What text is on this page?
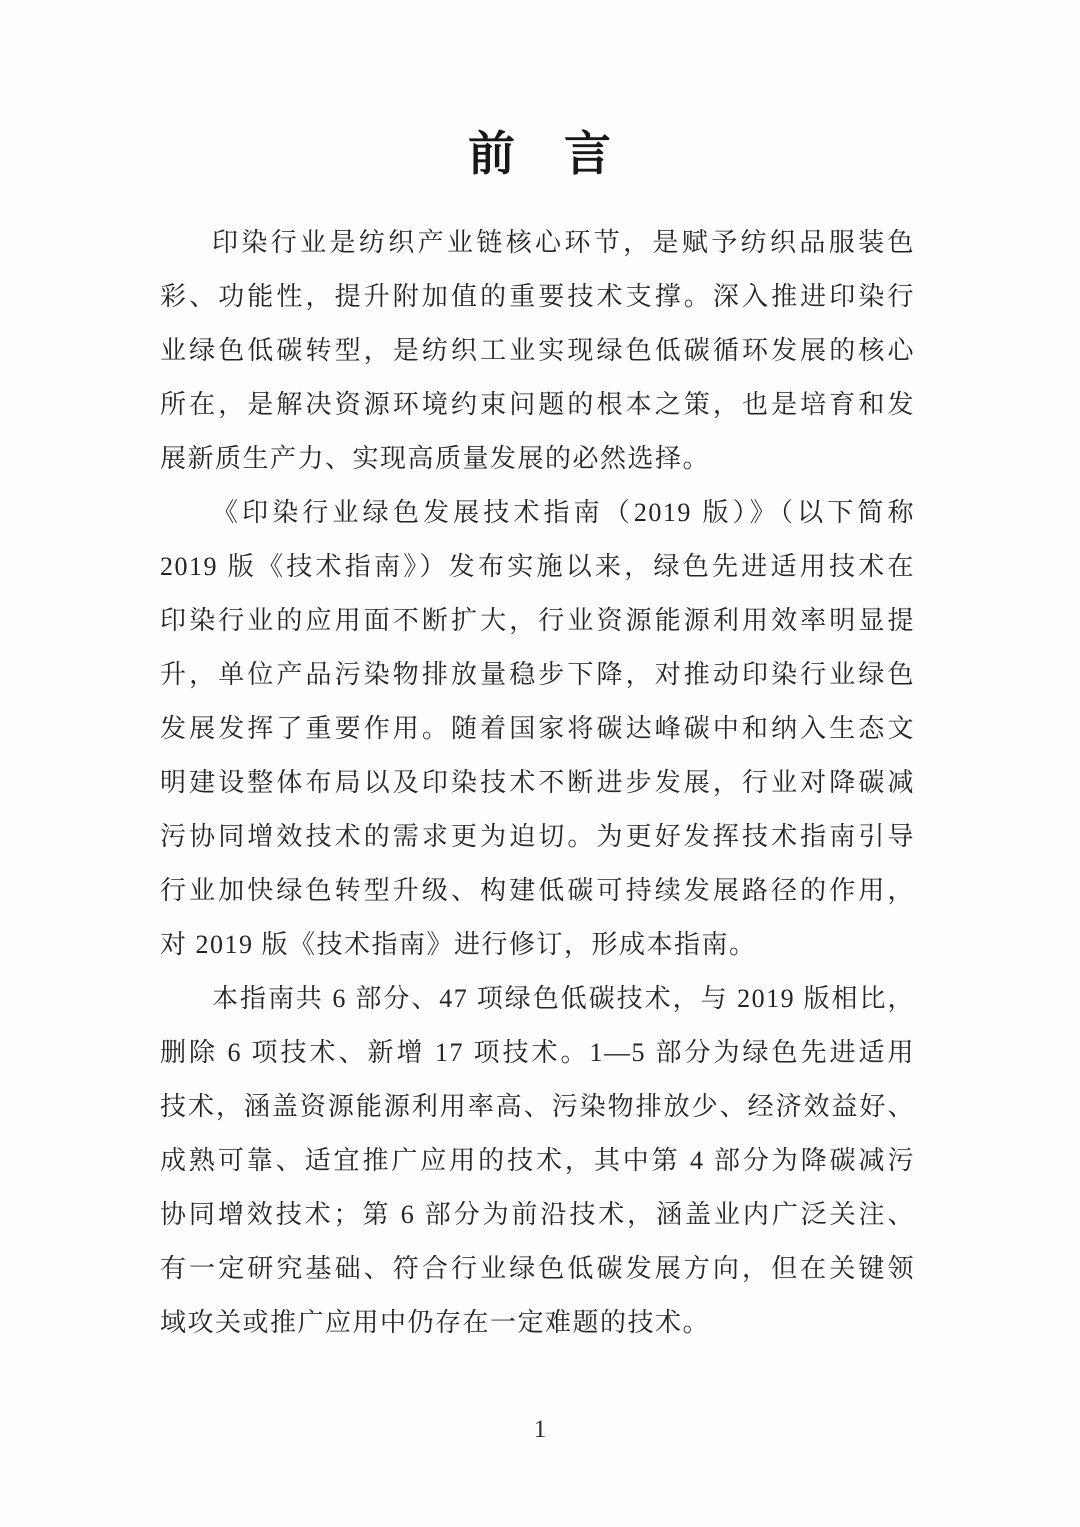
前　言
印染行业是纺织产业链核心环节，是赋予纺织品服装色
彩、功能性，提升附加值的重要技术支撑。深入推进印染行
业绿色低碳转型，是纺织工业实现绿色低碳循环发展的核心
所在，是解决资源环境约束问题的根本之策，也是培育和发
展新质生产力、实现高质量发展的必然选择。
《印染行业绿色发展技术指南（2019 版）》（以下简称
2019 版《技术指南》）发布实施以来，绿色先进适用技术在
印染行业的应用面不断扩大，行业资源能源利用效率明显提
升，单位产品污染物排放量稳步下降，对推动印染行业绿色
发展发挥了重要作用。随着国家将碳达峰碳中和纳入生态文
明建设整体布局以及印染技术不断进步发展，行业对降碳减
污协同增效技术的需求更为迫切。为更好发挥技术指南引导
行业加快绿色转型升级、构建低碳可持续发展路径的作用，
对 2019 版《技术指南》进行修订，形成本指南。
本指南共 6 部分、47 项绿色低碳技术，与 2019 版相比，
删除 6 项技术、新增 17 项技术。1—5 部分为绿色先进适用
技术，涵盖资源能源利用率高、污染物排放少、经济效益好、
成熟可靠、适宜推广应用的技术，其中第 4 部分为降碳减污
协同增效技术；第 6 部分为前沿技术，涵盖业内广泛关注、
有一定研究基础、符合行业绿色低碳发展方向，但在关键领
域攻关或推广应用中仍存在一定难题的技术。
1
